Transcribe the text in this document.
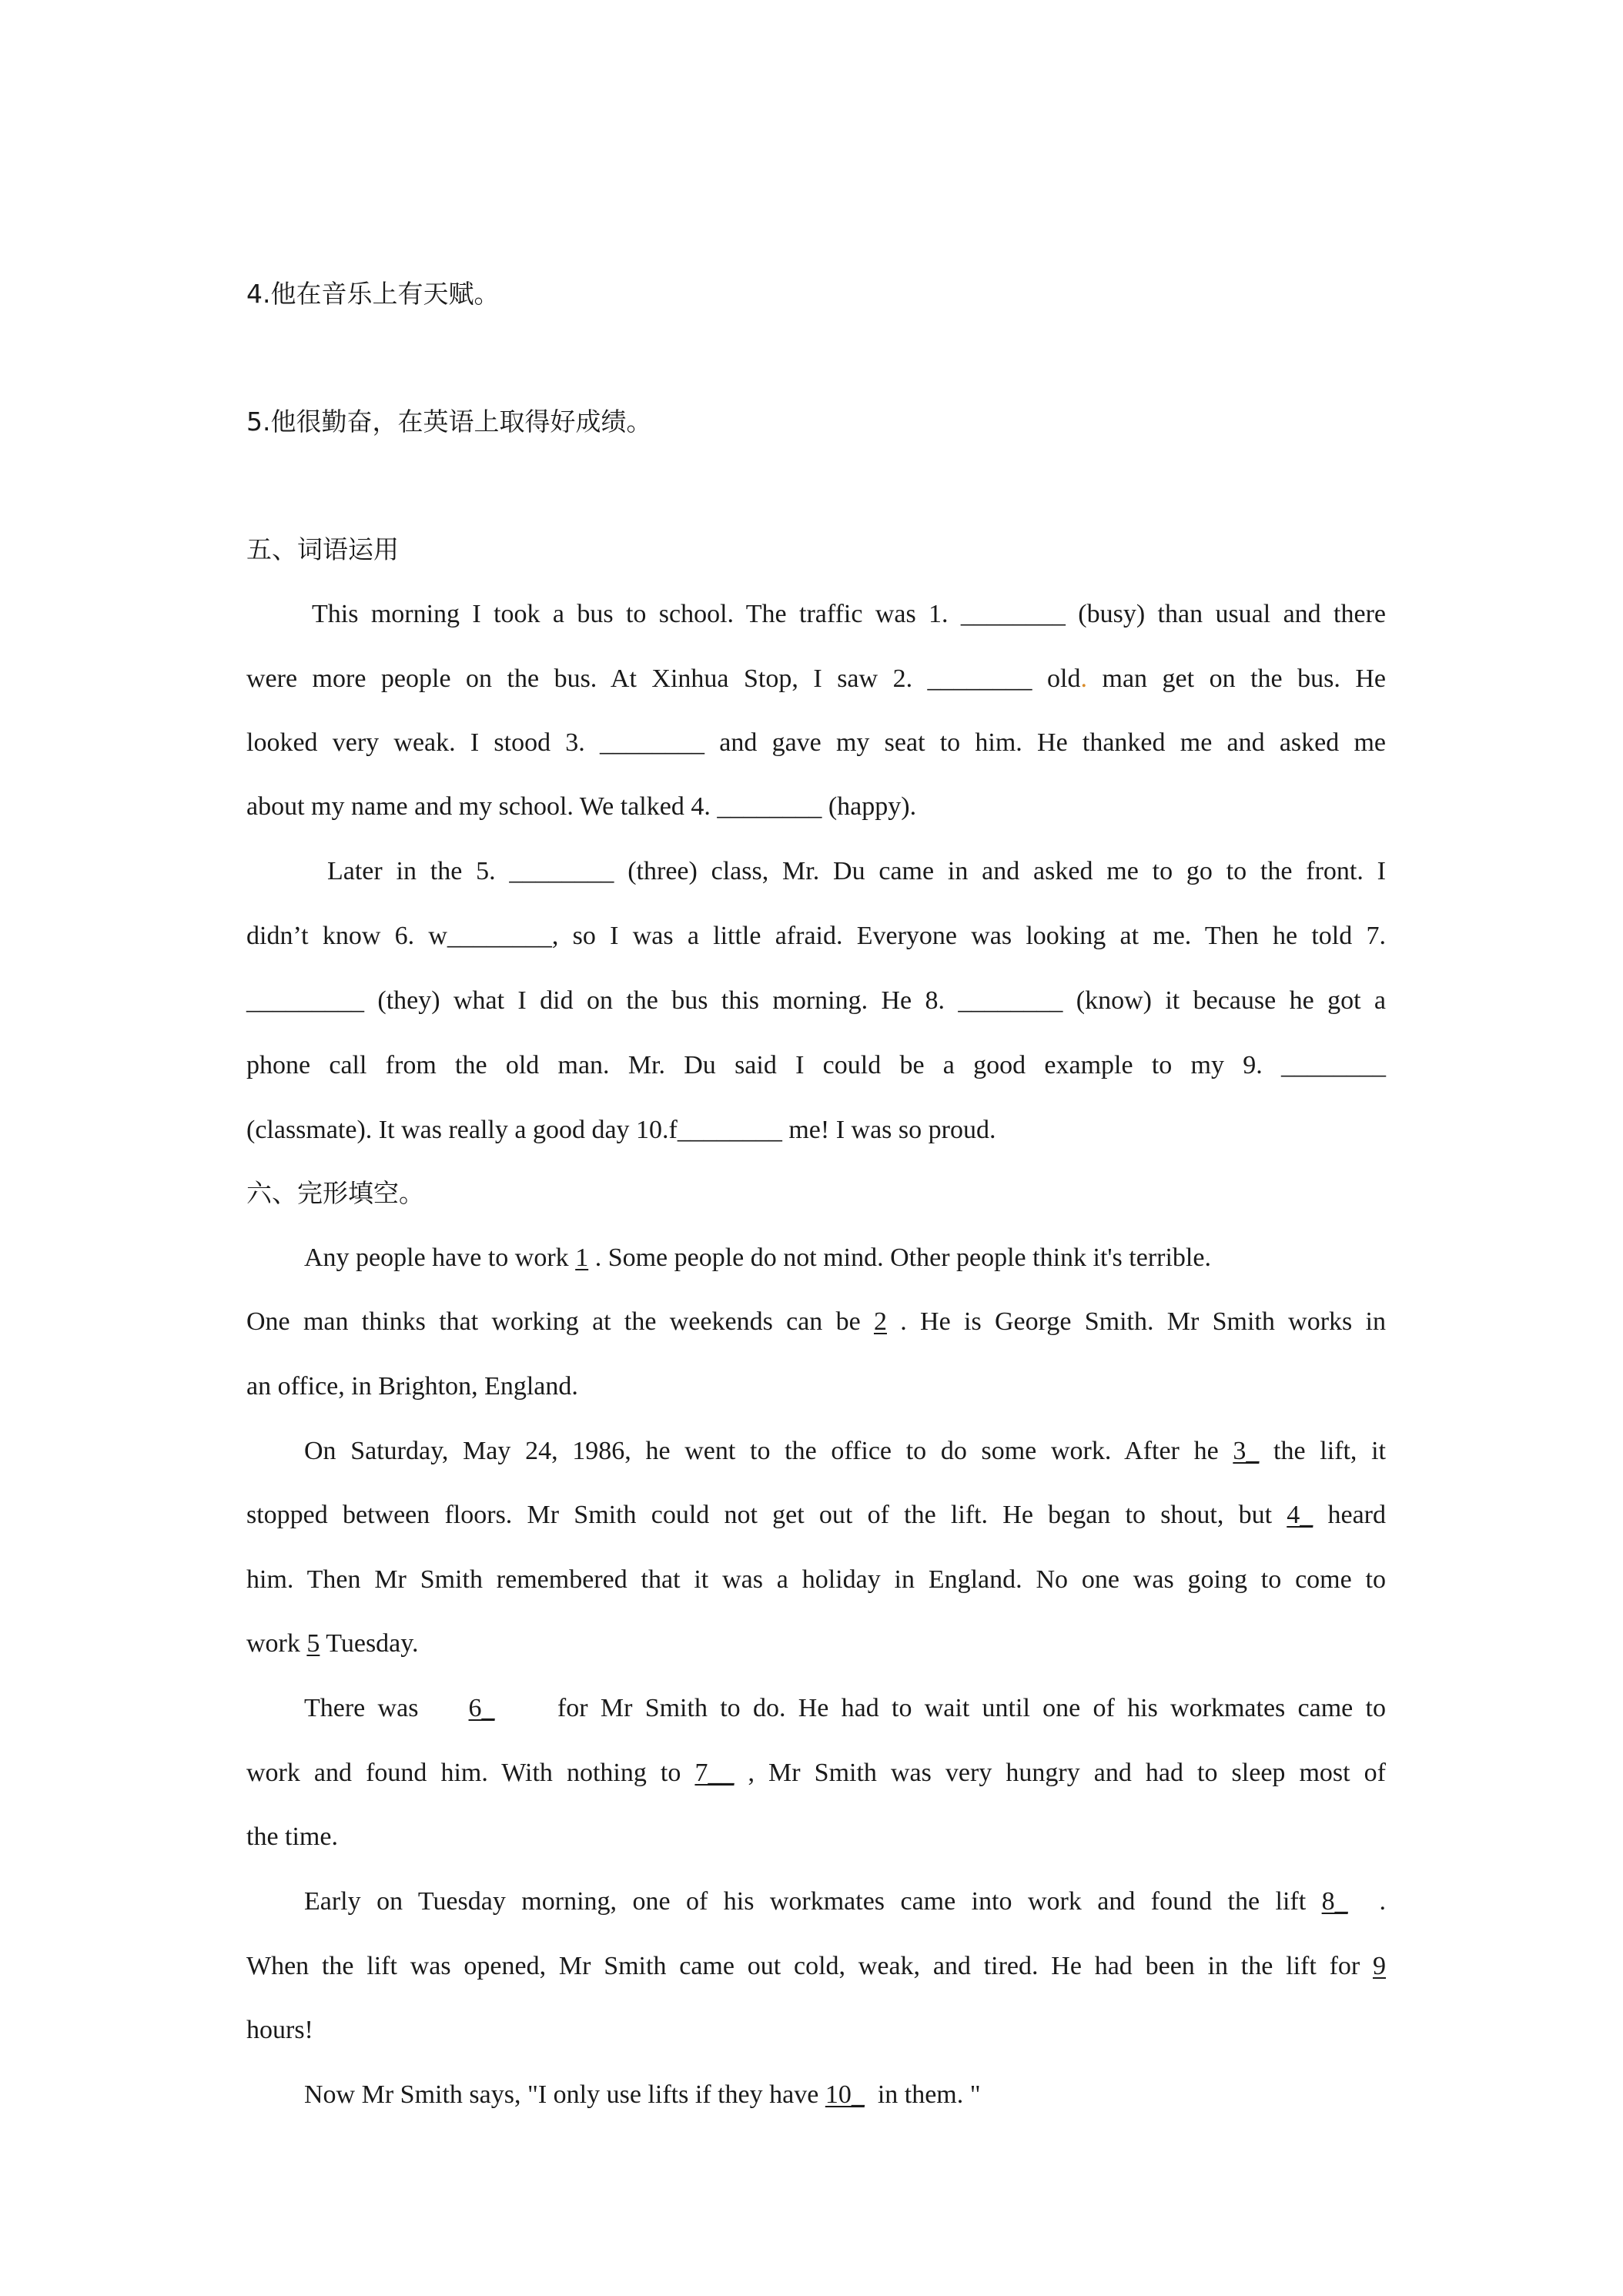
4.他在音乐上有天赋。
5.他很勤奋，在英语上取得好成绩。
五、词语运用
This morning I took a bus to school. The traffic was 1. ________ (busy) than usual and there
were more people on the bus. At Xinhua Stop, I saw 2. ________ old. man get on the bus. He
looked very weak. I stood 3. ________ and gave my seat to him. He thanked me and asked me
about my name and my school. We talked 4. ________ (happy).
Later in the 5. ________ (three) class, Mr. Du came in and asked me to go to the front. I
didn’t know 6. w________, so I was a little afraid. Everyone was looking at me. Then he told 7.
_________ (they) what I did on the bus this morning. He 8. ________ (know) it because he got a
phone call from the old man. Mr. Du said I could be a good example to my 9. ________
(classmate). It was really a good day 10.f________ me! I was so proud.
六、完形填空。
Any people have to work 1 . Some people do not mind. Other people think it's terrible.
One man thinks that working at the weekends can be 2 . He is George Smith. Mr Smith works in
an office, in Brighton, England.
On Saturday, May 24, 1986, he went to the office to do some work. After he 3_ the lift, it
stopped between floors. Mr Smith could not get out of the lift. He began to shout, but 4_ heard
him. Then Mr Smith remembered that it was a holiday in England. No one was going to come to
work 5 Tuesday.
There was    6_     for Mr Smith to do. He had to wait until one of his workmates came to
work and found him. With nothing to 7__ , Mr Smith was very hungry and had to sleep most of
the time.
Early on Tuesday morning, one of his workmates came into work and found the lift 8_  .
When the lift was opened, Mr Smith came out cold, weak, and tired. He had been in the lift for 9
hours!
Now Mr Smith says, "I only use lifts if they have 10_  in them. "
